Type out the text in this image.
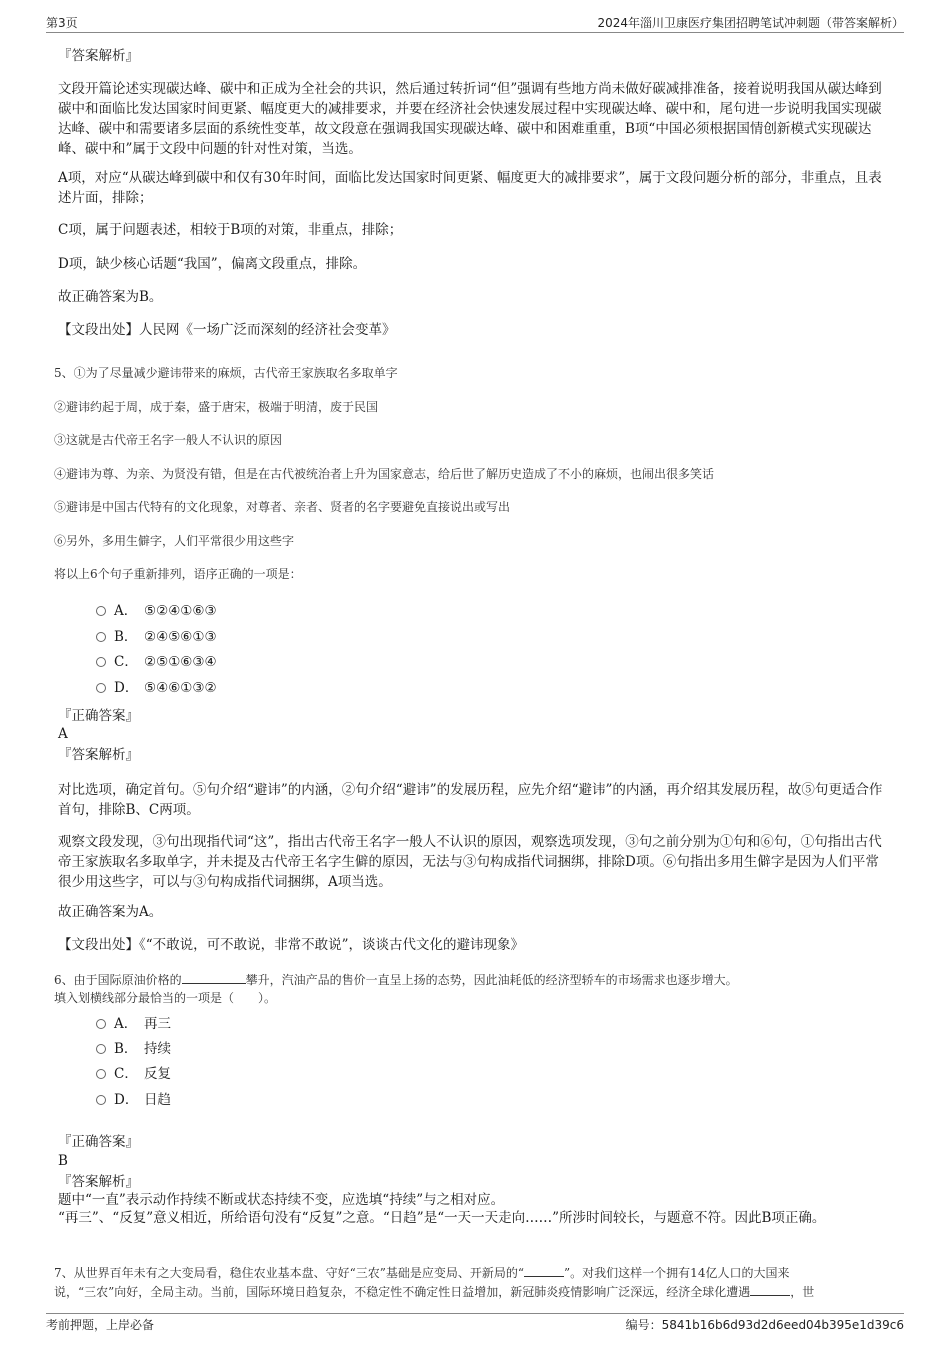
第3页	2024年淄川卫康医疗集团招聘笔试冲刺题（带答案解析）
『答案解析』
文段开篇论述实现碳达峰、碳中和正成为全社会的共识，然后通过转折词“但”强调有些地方尚未做好碳减排准备，接着说明我国从碳达峰到碳中和面临比发达国家时间更紧、幅度更大的减排要求，并要在经济社会快速发展过程中实现碳达峰、碳中和，尾句进一步说明我国实现碳达峰、碳中和需要诸多层面的系统性变革，故文段意在强调我国实现碳达峰、碳中和困难重重，B项“中国必须根据国情创新模式实现碳达峰、碳中和”属于文段中问题的针对性对策，当选。
A项，对应“从碳达峰到碳中和仅有30年时间，面临比发达国家时间更紧、幅度更大的减排要求”，属于文段问题分析的部分，非重点，且表述片面，排除；
C项，属于问题表述，相较于B项的对策，非重点，排除；
D项，缺少核心话题“我国”，偏离文段重点，排除。
故正确答案为B。
【文段出处】人民网《一场广泛而深刻的经济社会变革》
5、①为了尽量减少避讳带来的麻烦，古代帝王家族取名多取单字
②避讳约起于周，成于秦，盛于唐宋，极端于明清，废于民国
③这就是古代帝王名字一般人不认识的原因
④避讳为尊、为亲、为贤没有错，但是在古代被统治者上升为国家意志，给后世了解历史造成了不小的麻烦，也闹出很多笑话
⑤避讳是中国古代特有的文化现象，对尊者、亲者、贤者的名字要避免直接说出或写出
⑥另外，多用生僻字，人们平常很少用这些字
将以上6个句子重新排列，语序正确的一项是：
A． ⑤②④①⑥③
B． ②④⑤⑥①③
C． ②⑤①⑥③④
D． ⑤④⑥①③②
『正确答案』
A
『答案解析』
对比选项，确定首句。⑤句介绍“避讳”的内涵，②句介绍“避讳”的发展历程，应先介绍“避讳”的内涵，再介绍其发展历程，故⑤句更适合作首句，排除B、C两项。
观察文段发现，③句出现指代词“这”，指出古代帝王名字一般人不认识的原因，观察选项发现，③句之前分别为①句和⑥句，①句指出古代帝王家族取名多取单字，并未提及古代帝王名字生僻的原因，无法与③句构成指代词捆绑，排除D项。⑥句指出多用生僻字是因为人们平常很少用这些字，可以与③句构成指代词捆绑，A项当选。
故正确答案为A。
【文段出处】《“不敢说，可不敢说，非常不敢说”，谈谈古代文化的避讳现象》
6、由于国际原油价格的	攀升，汽油产品的售价一直呈上扬的态势，因此油耗低的经济型轿车的市场需求也逐步增大。
填入划横线部分最恰当的一项是（　　）。
A． 再三
B． 持续
C． 反复
D． 日趋
『正确答案』
B
『答案解析』
题中“一直”表示动作持续不断或状态持续不变，应选填“持续”与之相对应。
“再三”、“反复”意义相近，所给语句没有“反复”之意。“日趋”是“一天一天走向……”所涉时间较长，与题意不符。因此B项正确。
7、从世界百年未有之大变局看，稳住农业基本盘、守好“三农”基础是应变局、开新局的“	”。对我们这样一个拥有14亿人口的大国来
说，“三农”向好，全局主动。当前，国际环境日趋复杂，不稳定性不确定性日益增加，新冠肺炎疫情影响广泛深远，经济全球化遭遇	，世
考前押题，上岸必备	编号：5841b16b6d93d2d6eed04b395e1d39c6
